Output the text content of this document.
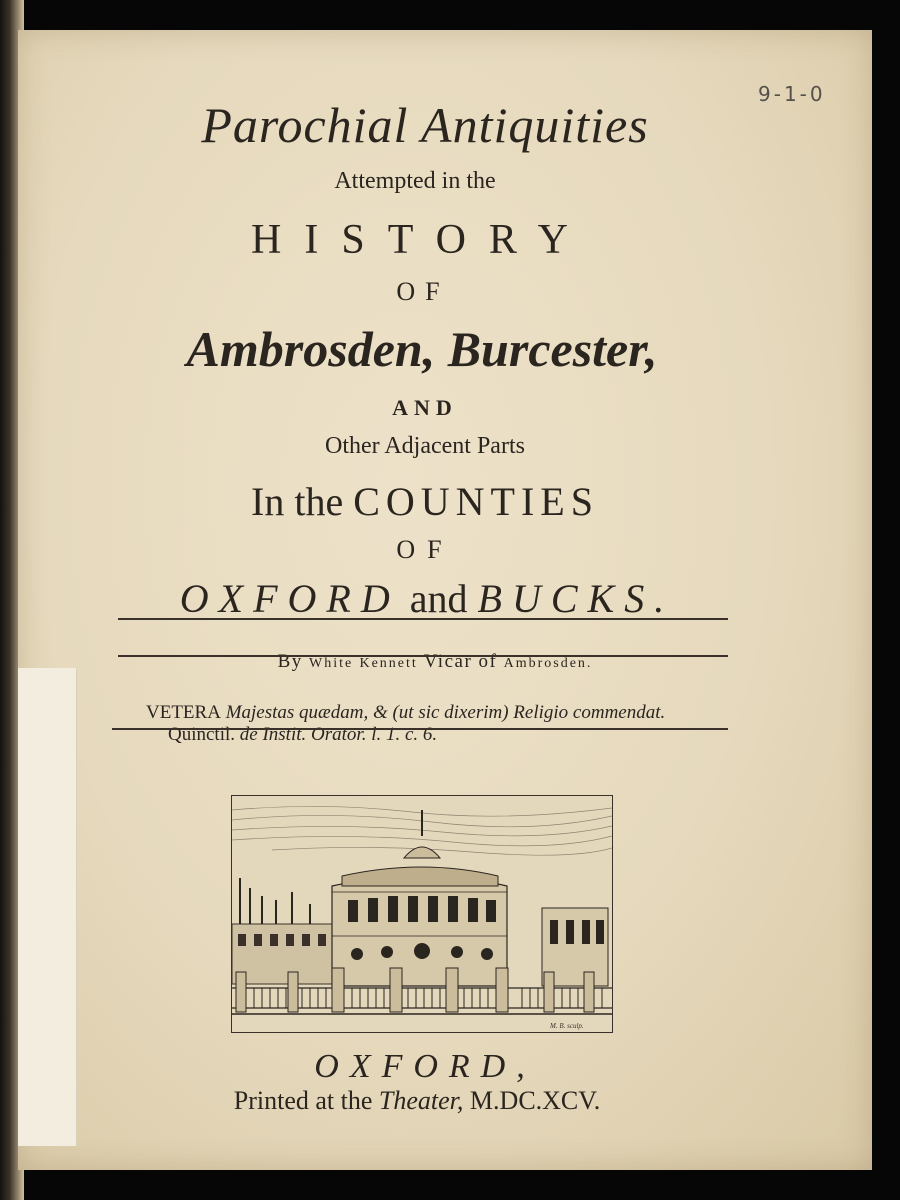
9-1-0
Parochial Antiquities
Attempted in the
HISTORY
OF
Ambrosden, Burcester,
AND
Other Adjacent Parts
In the COUNTIES
OF
OXFORD and BUCKS.
By White Kennett Vicar of Ambrosden.
VETERA Majestas quædam, & (ut sic dixerim) Religio commendat.
Quinctil. de Instit. Orator. l. 1. c. 6.
M. B. sculp.
OXFORD,
Printed at the Theater, M.DC.XCV.
